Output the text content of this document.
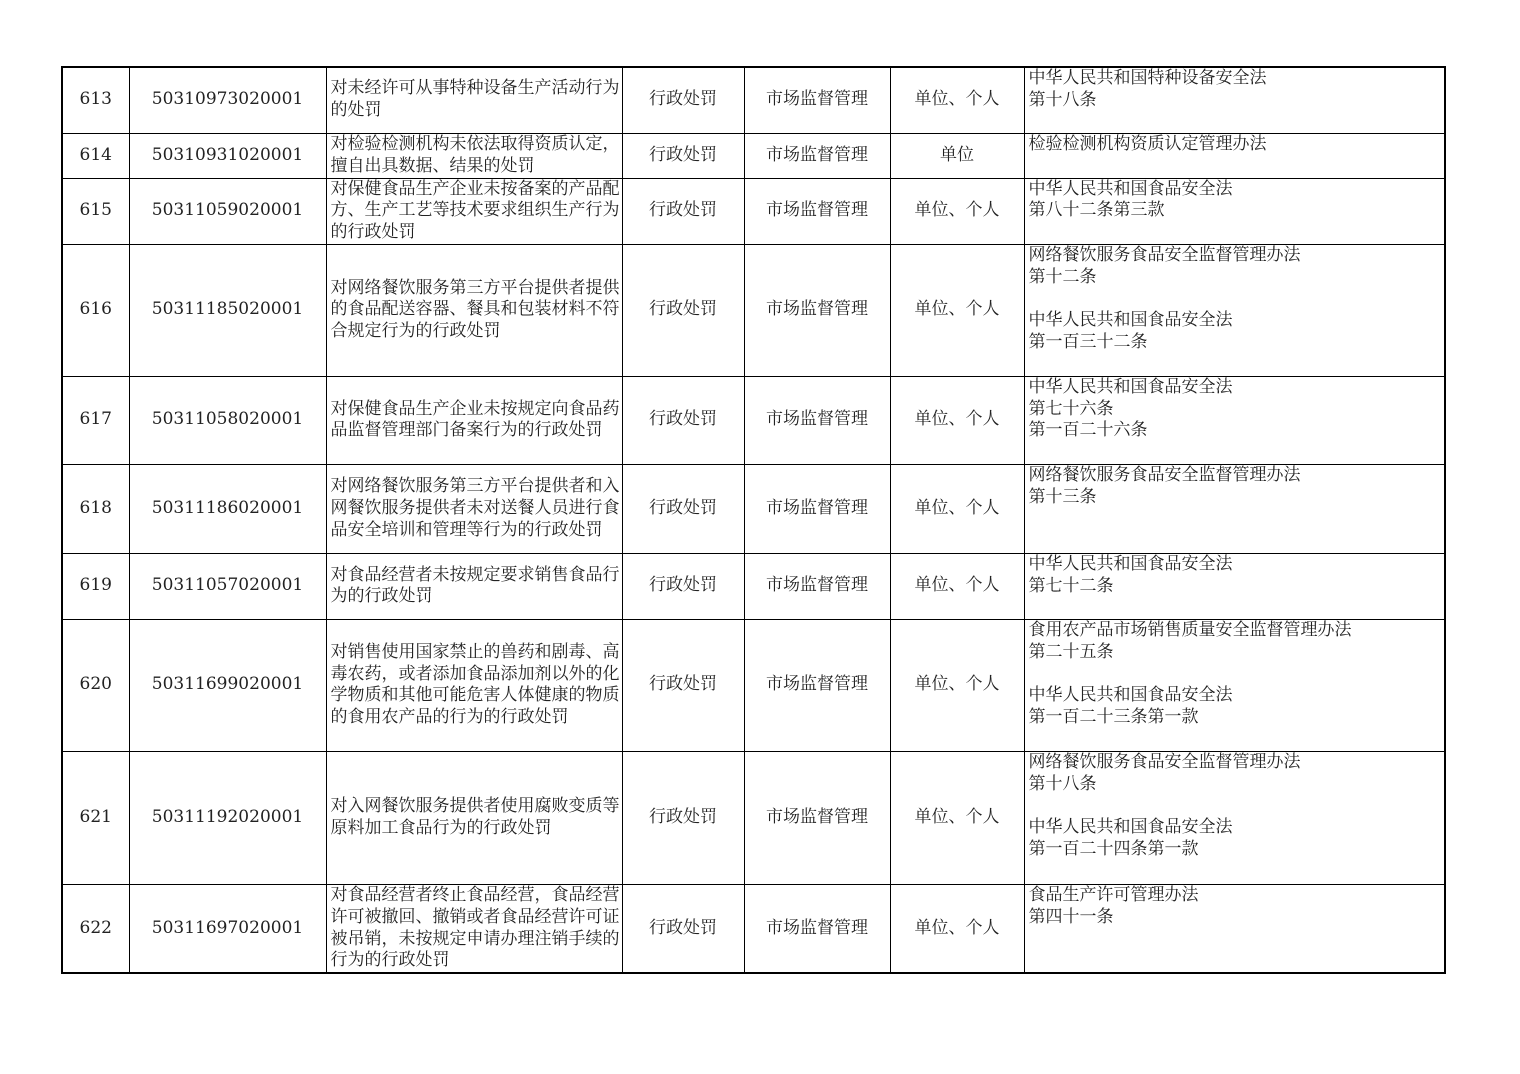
613	50310973020001	对未经许可从事特种设备生产活动行为的处罚	行政处罚	市场监督管理	单位、个人	中华人民共和国特种设备安全法
第十八条

614	50310931020001	对检验检测机构未依法取得资质认定，擅自出具数据、结果的处罚	行政处罚	市场监督管理	单位	检验检测机构资质认定管理办法

615	50311059020001	对保健食品生产企业未按备案的产品配方、生产工艺等技术要求组织生产行为的行政处罚	行政处罚	市场监督管理	单位、个人	中华人民共和国食品安全法
第八十二条第三款

616	50311185020001	对网络餐饮服务第三方平台提供者提供的食品配送容器、餐具和包装材料不符合规定行为的行政处罚	行政处罚	市场监督管理	单位、个人	网络餐饮服务食品安全监督管理办法
第十二条
中华人民共和国食品安全法
第一百三十二条

617	50311058020001	对保健食品生产企业未按规定向食品药品监督管理部门备案行为的行政处罚	行政处罚	市场监督管理	单位、个人	中华人民共和国食品安全法
第七十六条
第一百二十六条

618	50311186020001	对网络餐饮服务第三方平台提供者和入网餐饮服务提供者未对送餐人员进行食品安全培训和管理等行为的行政处罚	行政处罚	市场监督管理	单位、个人	网络餐饮服务食品安全监督管理办法
第十三条

619	50311057020001	对食品经营者未按规定要求销售食品行为的行政处罚	行政处罚	市场监督管理	单位、个人	中华人民共和国食品安全法
第七十二条

620	50311699020001	对销售使用国家禁止的兽药和剧毒、高毒农药，或者添加食品添加剂以外的化学物质和其他可能危害人体健康的物质的食用农产品的行为的行政处罚	行政处罚	市场监督管理	单位、个人	食用农产品市场销售质量安全监督管理办法
第二十五条
中华人民共和国食品安全法
第一百二十三条第一款

621	50311192020001	对入网餐饮服务提供者使用腐败变质等原料加工食品行为的行政处罚	行政处罚	市场监督管理	单位、个人	网络餐饮服务食品安全监督管理办法
第十八条
中华人民共和国食品安全法
第一百二十四条第一款

622	50311697020001	对食品经营者终止食品经营，食品经营许可被撤回、撤销或者食品经营许可证被吊销，未按规定申请办理注销手续的行为的行政处罚	行政处罚	市场监督管理	单位、个人	食品生产许可管理办法
第四十一条
